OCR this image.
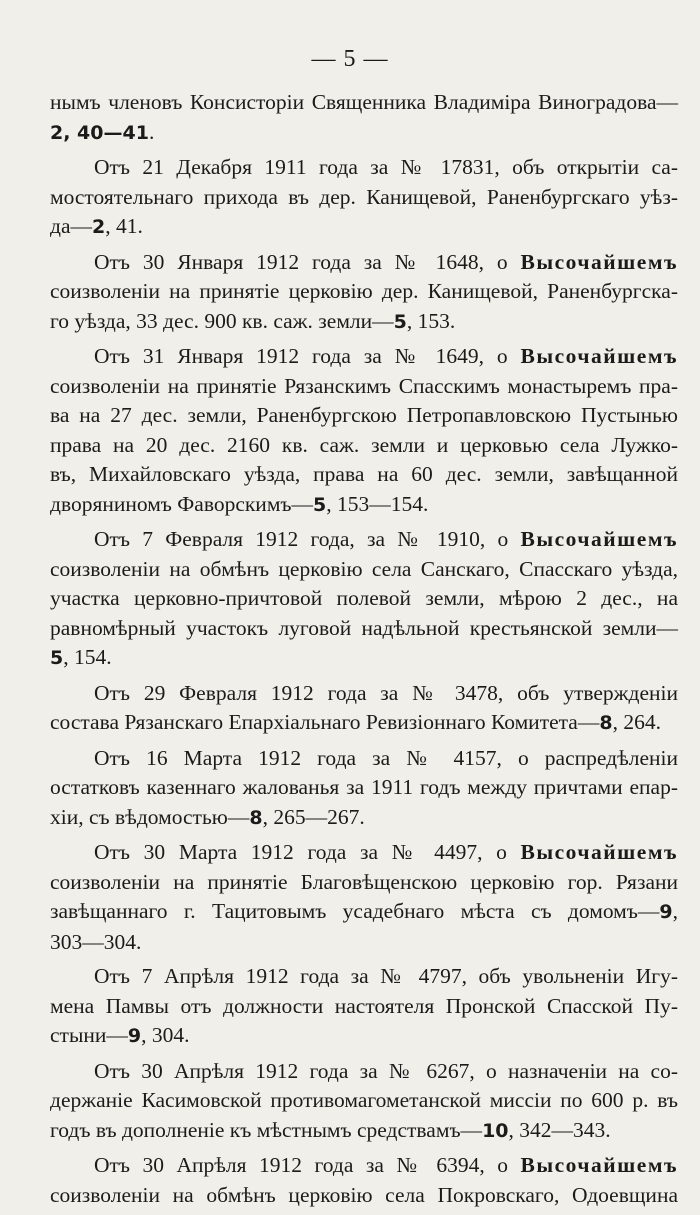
— 5 —
нымъ членовъ Консисторіи Священника Владиміра Виноградова—
2, 40—41.
Отъ 21 Декабря 1911 года за № 17831, объ открытіи са-
мостоятельнаго прихода въ дер. Канищевой, Раненбургскаго уѣз-
да—2, 41.
Отъ 30 Января 1912 года за № 1648, о Высочайшемъ
соизволеніи на принятіе церковію дер. Канищевой, Раненбургска-
го уѣзда, 33 дес. 900 кв. саж. земли—5, 153.
Отъ 31 Января 1912 года за № 1649, о Высочайшемъ
соизволеніи на принятіе Рязанскимъ Спасскимъ монастыремъ пра-
ва на 27 дес. земли, Раненбургскою Петропавловскою Пустынью
права на 20 дес. 2160 кв. саж. земли и церковью села Лужко-
въ, Михайловскаго уѣзда, права на 60 дес. земли, завѣщанной
дворяниномъ Фаворскимъ—5, 153—154.
Отъ 7 Февраля 1912 года, за № 1910, о Высочайшемъ
соизволеніи на обмѣнъ церковію села Санскаго, Спасскаго уѣзда,
участка церковно-причтовой полевой земли, мѣрою 2 дес., на
равномѣрный участокъ луговой надѣльной крестьянской земли—
5, 154.
Отъ 29 Февраля 1912 года за № 3478, объ утвержденіи
состава Рязанскаго Епархіальнаго Ревизіоннаго Комитета—8, 264.
Отъ 16 Марта 1912 года за № 4157, о распредѣленіи
остатковъ казеннаго жалованья за 1911 годъ между причтами епар-
хіи, съ вѣдомостью—8, 265—267.
Отъ 30 Марта 1912 года за № 4497, о Высочайшемъ
соизволеніи на принятіе Благовѣщенскою церковію гор. Рязани
завѣщаннаго г. Тацитовымъ усадебнаго мѣста съ домомъ—9,
303—304.
Отъ 7 Апрѣля 1912 года за № 4797, объ увольненіи Игу-
мена Памвы отъ должности настоятеля Пронской Спасской Пу-
стыни—9, 304.
Отъ 30 Апрѣля 1912 года за № 6267, о назначеніи на со-
держаніе Касимовской противомагометанской миссіи по 600 р. въ
годъ въ дополненіе къ мѣстнымъ средствамъ—10, 342—343.
Отъ 30 Апрѣля 1912 года за № 6394, о Высочайшемъ
соизволеніи на обмѣнъ церковію села Покровскаго, Одоевщина
